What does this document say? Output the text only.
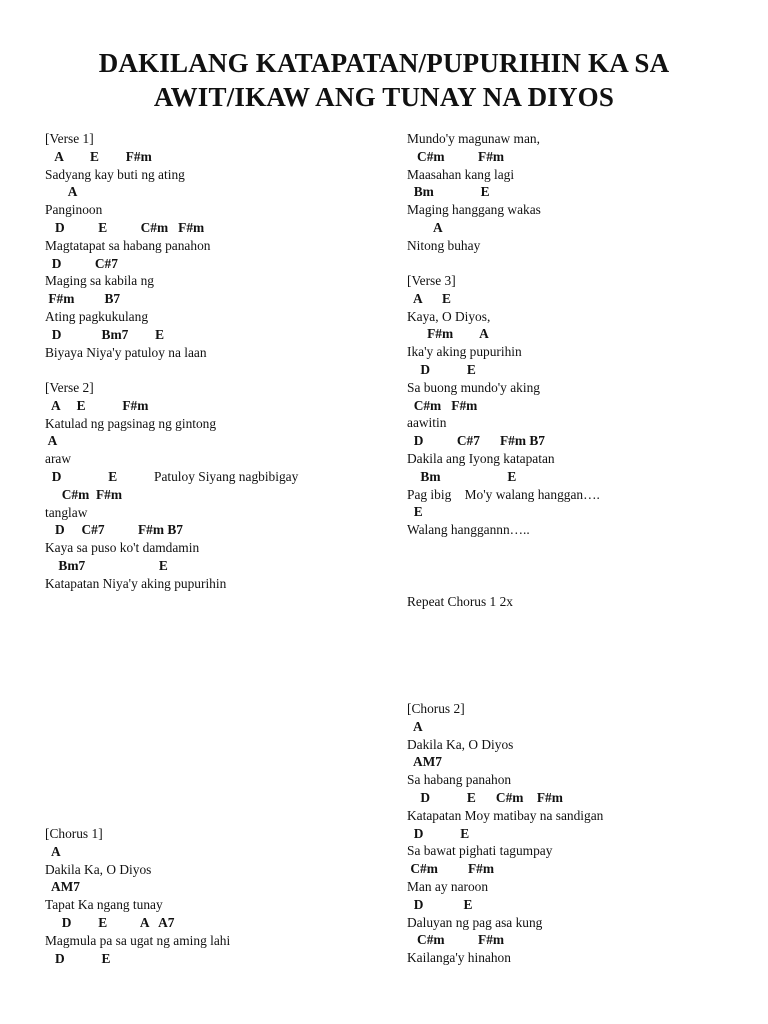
DAKILANG KATAPATAN/PUPURIHIN KA SA
AWIT/IKAW ANG TUNAY NA DIYOS
[Verse 1]
A        E        F#m
Sadyang kay buti ng ating
A
Panginoon
D          E          C#m   F#m
Magtatapat sa habang panahon
D          C#7
Maging sa kabila ng
F#m         B7
Ating pagkukulang
D            Bm7        E
Biyaya Niya'y patuloy na laan
[Verse 2]
A     E           F#m
Katulad ng pagsinag ng gintong
A
araw
D              E           Patuloy Siyang nagbibigay
C#m  F#m
tanglaw
D     C#7          F#m B7
Kaya sa puso ko't damdamin
Bm7                      E
Katapatan Niya'y aking pupurihin
[Chorus 1]
A
Dakila Ka, O Diyos
AM7
Tapat Ka ngang tunay
D        E          A   A7
Magmula pa sa ugat ng aming lahi
D           E
Mundo'y magunaw man,
C#m          F#m
Maasahan kang lagi
Bm              E
Maging hanggang wakas
A
Nitong buhay
[Verse 3]
A      E
Kaya, O Diyos,
F#m        A
Ika'y aking pupurihin
D           E
Sa buong mundo'y aking
C#m   F#m
aawitin
D          C#7      F#m B7
Dakila ang Iyong katapatan
Bm                    E
Pag ibig    Mo'y walang hanggan….
E
Walang hanggannn…..

Repeat Chorus 1 2x

[Chorus 2]
A
Dakila Ka, O Diyos
AM7
Sa habang panahon
D           E      C#m    F#m
Katapatan Moy matibay na sandigan
D           E
Sa bawat pighati tagumpay
C#m         F#m
Man ay naroon
D            E
Daluyan ng pag asa kung
C#m          F#m
Kailanga'y hinahon
